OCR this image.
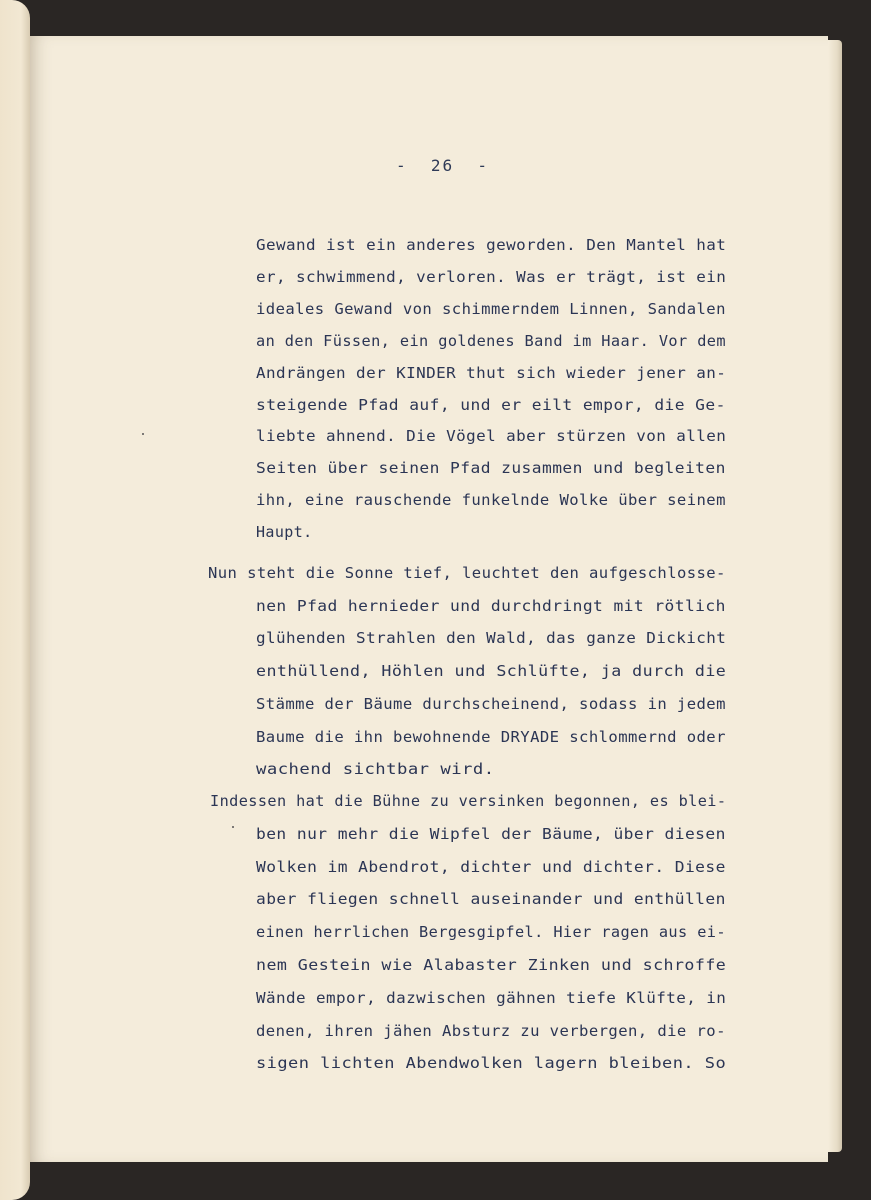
-  26  -
Gewand ist ein anderes geworden. Den Mantel hat
er, schwimmend, verloren. Was er trägt, ist ein
ideales Gewand von schimmerndem Linnen, Sandalen
an den Füssen, ein goldenes Band im Haar. Vor dem
Andrängen der KINDER thut sich wieder jener an-
steigende Pfad auf, und er eilt empor, die Ge-
liebte ahnend. Die Vögel aber stürzen von allen
Seiten über seinen Pfad zusammen und begleiten
ihn, eine rauschende funkelnde Wolke über seinem
Haupt.
Nun steht die Sonne tief, leuchtet den aufgeschlosse-
nen Pfad hernieder und durchdringt mit rötlich
glühenden Strahlen den Wald, das ganze Dickicht
enthüllend, Höhlen und Schlüfte, ja durch die
Stämme der Bäume durchscheinend, sodass in jedem
Baume die ihn bewohnende DRYADE schlommernd oder
wachend sichtbar wird.
Indessen hat die Bühne zu versinken begonnen, es blei-
ben nur mehr die Wipfel der Bäume, über diesen
Wolken im Abendrot, dichter und dichter. Diese
aber fliegen schnell auseinander und enthüllen
einen herrlichen Bergesgipfel. Hier ragen aus ei-
nem Gestein wie Alabaster Zinken und schroffe
Wände empor, dazwischen gähnen tiefe Klüfte, in
denen, ihren jähen Absturz zu verbergen, die ro-
sigen lichten Abendwolken lagern bleiben. So
